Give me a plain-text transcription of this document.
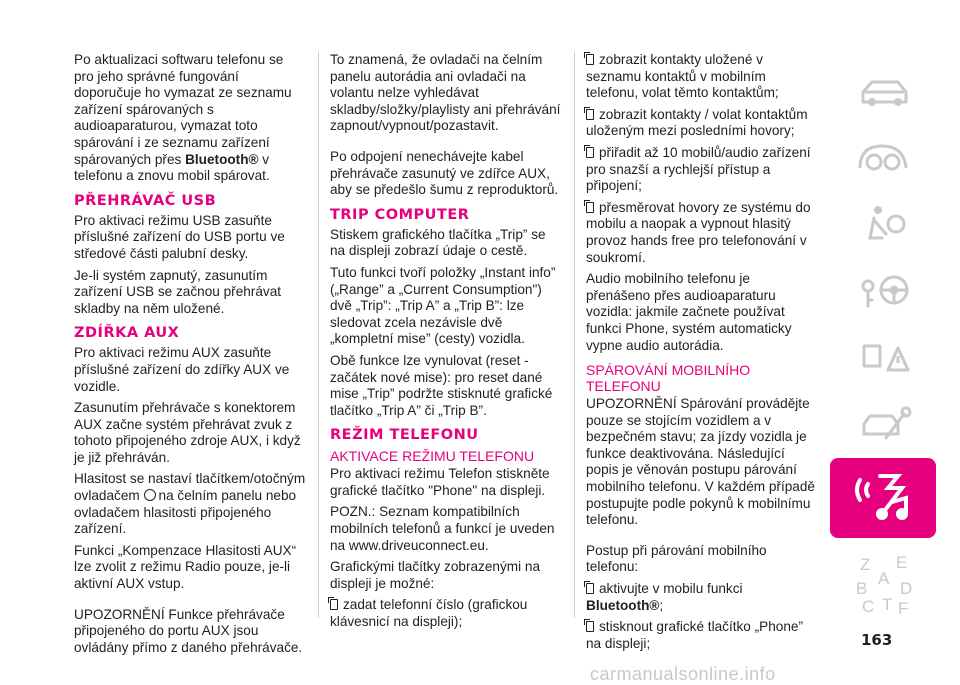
Po aktualizaci softwaru telefonu se pro jeho správné fungování doporučuje ho vymazat ze seznamu zařízení spárovaných s audioaparaturou, vymazat toto spárování i ze seznamu zařízení spárovaných přes Bluetooth® v telefonu a znovu mobil spárovat.

PŘEHRÁVAČ USB

Pro aktivaci režimu USB zasuňte příslušné zařízení do USB portu ve středové části palubní desky.

Je-li systém zapnutý, zasunutím zařízení USB se začnou přehrávat skladby na něm uložené.

ZDÍŘKA AUX

Pro aktivaci režimu AUX zasuňte příslušné zařízení do zdířky AUX ve vozidle.

Zasunutím přehrávače s konektorem AUX začne systém přehrávat zvuk z tohoto připojeného zdroje AUX, i když je již přehráván.

Hlasitost se nastaví tlačítkem/otočným ovladačem na čelním panelu nebo ovladačem hlasitosti připojeného zařízení.

Funkci „Kompenzace Hlasitosti AUX“ lze zvolit z režimu Radio pouze, je-li aktivní AUX vstup.

UPOZORNĚNÍ Funkce přehrávače připojeného do portu AUX jsou ovládány přímo z daného přehrávače.

To znamená, že ovladači na čelním panelu autorádia ani ovladači na volantu nelze vyhledávat skladby/složky/playlisty ani přehrávání zapnout/vypnout/pozastavit.

Po odpojení nenechávejte kabel přehrávače zasunutý ve zdířce AUX, aby se předešlo šumu z reproduktorů.

TRIP COMPUTER

Stiskem grafického tlačítka „Trip” se na displeji zobrazí údaje o cestě.

Tuto funkci tvoří položky „Instant info” („Range” a „Current Consumption") dvě „Trip”: „Trip A” a „Trip B”: lze sledovat zcela nezávisle dvě „kompletní mise” (cesty) vozidla.

Obě funkce lze vynulovat (reset - začátek nové mise): pro reset dané mise „Trip” podržte stisknuté grafické tlačítko „Trip A” či „Trip B”.

REŽIM TELEFONU
AKTIVACE REŽIMU TELEFONU

Pro aktivaci režimu Telefon stiskněte grafické tlačítko "Phone" na displeji.

POZN.: Seznam kompatibilních mobilních telefonů a funkcí je uveden na www.driveuconnect.eu.

Grafickými tlačítky zobrazenými na displeji je možné:

zadat telefonní číslo (grafickou klávesnicí na displeji);

zobrazit kontakty uložené v seznamu kontaktů v mobilním telefonu, volat těmto kontaktům;

zobrazit kontakty / volat kontaktům uloženým mezi posledními hovory;

přiřadit až 10 mobilů/audio zařízení pro snazší a rychlejší přístup a připojení;

přesměrovat hovory ze systému do mobilu a naopak a vypnout hlasitý provoz hands free pro telefonování v soukromí.

Audio mobilního telefonu je přenášeno přes audioaparaturu vozidla: jakmile začnete používat funkci Phone, systém automaticky vypne audio autorádia.

SPÁROVÁNÍ MOBILNÍHO TELEFONU

UPOZORNĚNÍ Spárování provádějte pouze se stojícím vozidlem a v bezpečném stavu; za jízdy vozidla je funkce deaktivována. Následující popis je věnován postupu párování mobilního telefonu. V každém případě postupujte podle pokynů k mobilnímu telefonu.

Postup při párování mobilního telefonu:

aktivujte v mobilu funkci Bluetooth®;

stisknout grafické tlačítko „Phone” na displeji;

Z E
A
B D
C T F
163
carmanualsonline.info
